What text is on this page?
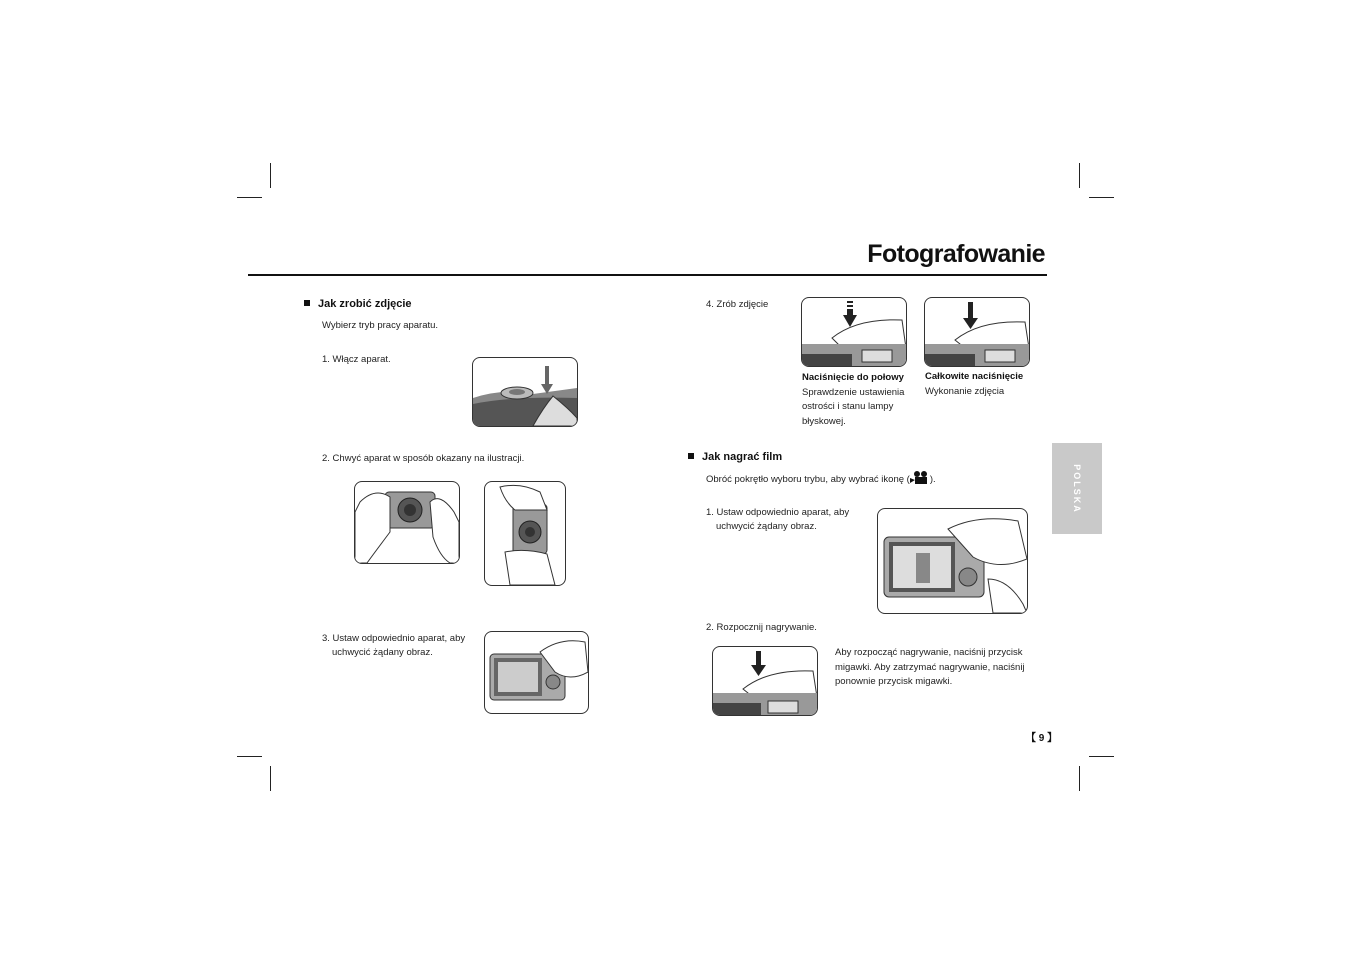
Fotografowanie
POLSKA
Jak zrobić zdjęcie
Wybierz tryb pracy aparatu.
1. Włącz aparat.
2. Chwyć aparat w sposób okazany na ilustracji.
3. Ustaw odpowiednio aparat, aby
uchwycić żądany obraz.
4. Zrób zdjęcie
Naciśnięcie do połowy
Sprawdzenie ustawienia
ostrości i stanu lampy
błyskowej.
Całkowite naciśnięcie
Wykonanie zdjęcia
Jak nagrać film
Obróć pokrętło wyboru trybu, aby wybrać ikonę ( ).
1. Ustaw odpowiednio aparat, aby
uchwycić żądany obraz.
2. Rozpocznij nagrywanie.
Aby rozpocząć nagrywanie, naciśnij przycisk
migawki. Aby zatrzymać nagrywanie, naciśnij
ponownie przycisk migawki.
【 9 】
